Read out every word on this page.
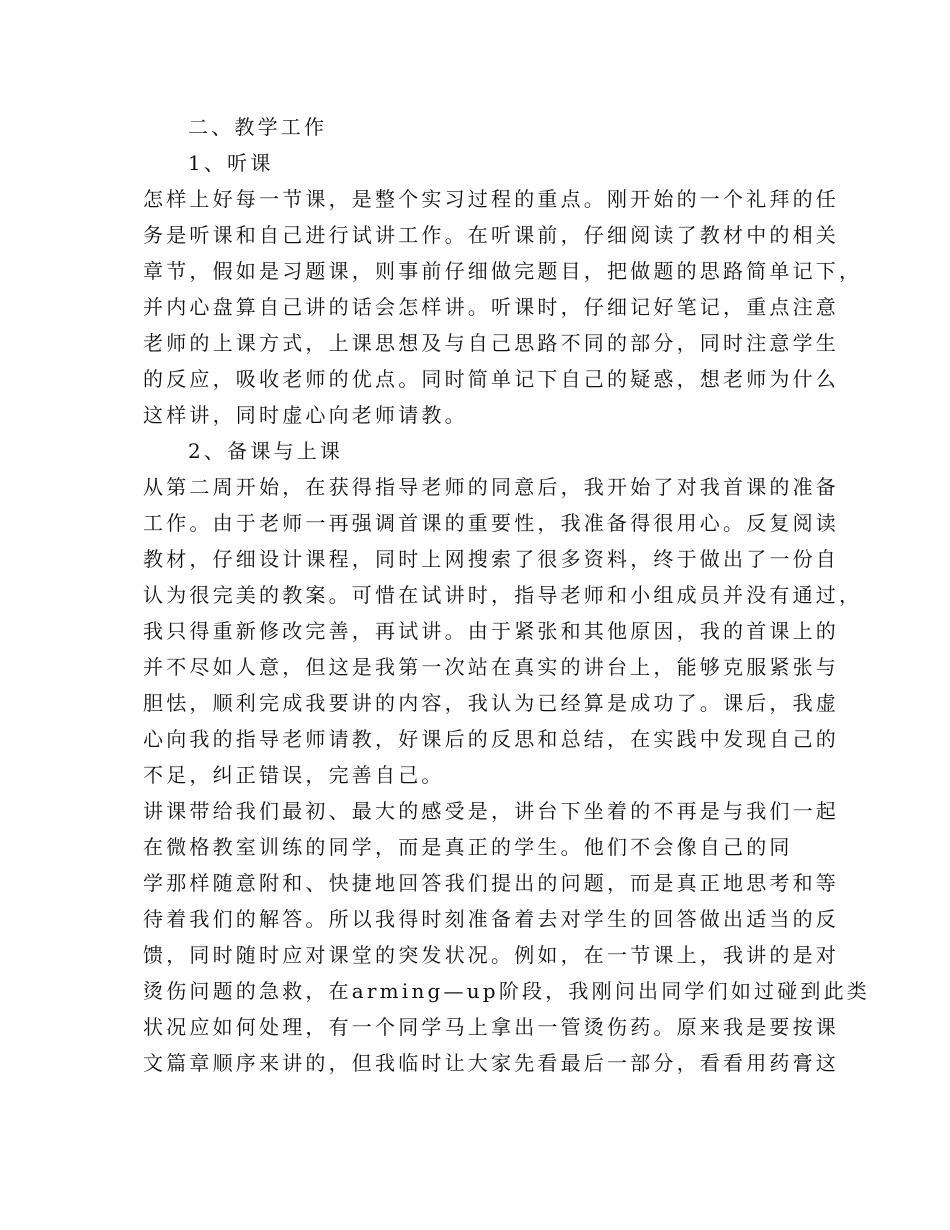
二、教学工作
1、听课
怎样上好每一节课，是整个实习过程的重点。刚开始的一个礼拜的任
务是听课和自己进行试讲工作。在听课前，仔细阅读了教材中的相关
章节，假如是习题课，则事前仔细做完题目，把做题的思路简单记下，
并内心盘算自己讲的话会怎样讲。听课时，仔细记好笔记，重点注意
老师的上课方式，上课思想及与自己思路不同的部分，同时注意学生
的反应，吸收老师的优点。同时简单记下自己的疑惑，想老师为什么
这样讲，同时虚心向老师请教。
2、备课与上课
从第二周开始，在获得指导老师的同意后，我开始了对我首课的准备
工作。由于老师一再强调首课的重要性，我准备得很用心。反复阅读
教材，仔细设计课程，同时上网搜索了很多资料，终于做出了一份自
认为很完美的教案。可惜在试讲时，指导老师和小组成员并没有通过，
我只得重新修改完善，再试讲。由于紧张和其他原因，我的首课上的
并不尽如人意，但这是我第一次站在真实的讲台上，能够克服紧张与
胆怯，顺利完成我要讲的内容，我认为已经算是成功了。课后，我虚
心向我的指导老师请教，好课后的反思和总结，在实践中发现自己的
不足，纠正错误，完善自己。
讲课带给我们最初、最大的感受是，讲台下坐着的不再是与我们一起
在微格教室训练的同学，而是真正的学生。他们不会像自己的同
学那样随意附和、快捷地回答我们提出的问题，而是真正地思考和等
待着我们的解答。所以我得时刻准备着去对学生的回答做出适当的反
馈，同时随时应对课堂的突发状况。例如，在一节课上，我讲的是对
烫伤问题的急救，在arming—up阶段，我刚问出同学们如过碰到此类
状况应如何处理，有一个同学马上拿出一管烫伤药。原来我是要按课
文篇章顺序来讲的，但我临时让大家先看最后一部分，看看用药膏这
